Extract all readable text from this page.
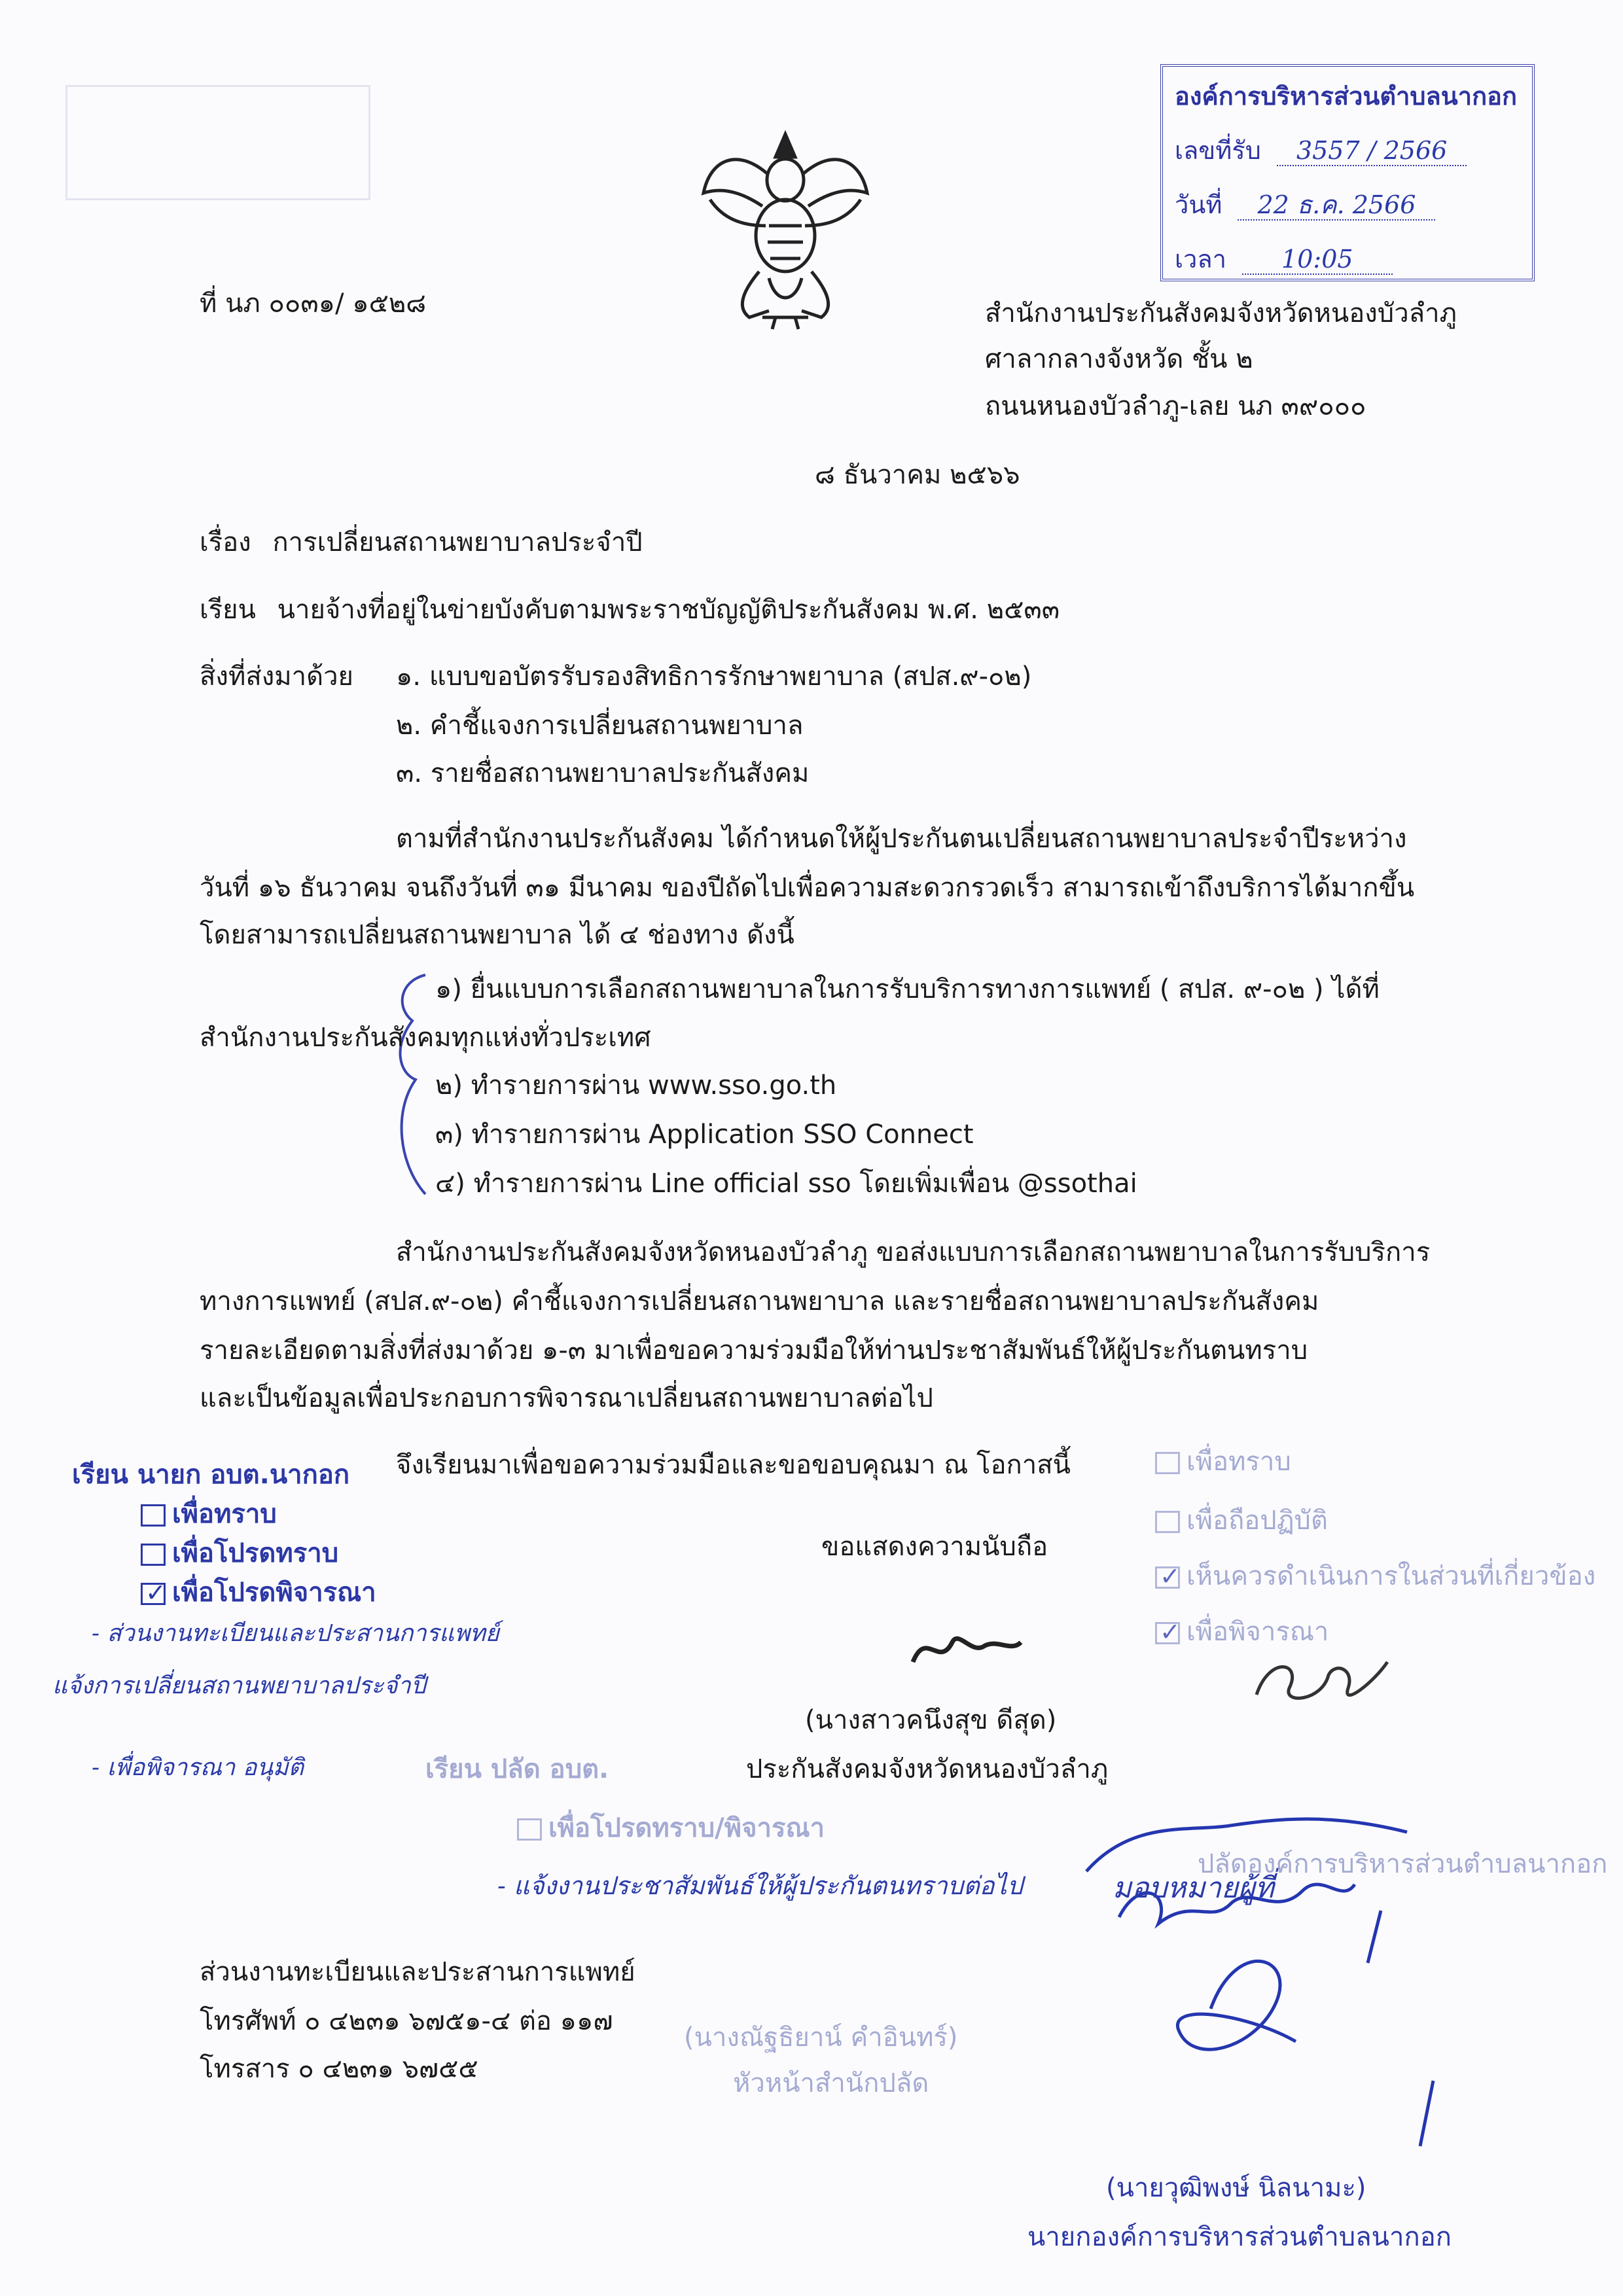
องค์การบริหารส่วนตำบลนากอก
เลขที่รับ 3557 / 2566
วันที่ 22 ธ.ค. 2566
เวลา 10:05
ที่ นภ ๐๐๓๑/ ๑๕๒๘	สำนักงานประกันสังคมจังหวัดหนองบัวลำภู
ศาลากลางจังหวัด ชั้น ๒
ถนนหนองบัวลำภู-เลย นภ ๓๙๐๐๐
๘ ธันวาคม ๒๕๖๖
เรื่อง การเปลี่ยนสถานพยาบาลประจำปี
เรียน นายจ้างที่อยู่ในข่ายบังคับตามพระราชบัญญัติประกันสังคม พ.ศ. ๒๕๓๓
สิ่งที่ส่งมาด้วย ๑. แบบขอบัตรรับรองสิทธิการรักษาพยาบาล (สปส.๙-๐๒)
๒. คำชี้แจงการเปลี่ยนสถานพยาบาล
๓. รายชื่อสถานพยาบาลประกันสังคม
ตามที่สำนักงานประกันสังคม ได้กำหนดให้ผู้ประกันตนเปลี่ยนสถานพยาบาลประจำปีระหว่าง
วันที่ ๑๖ ธันวาคม จนถึงวันที่ ๓๑ มีนาคม ของปีถัดไปเพื่อความสะดวกรวดเร็ว สามารถเข้าถึงบริการได้มากขึ้น
โดยสามารถเปลี่ยนสถานพยาบาล ได้ ๔ ช่องทาง ดังนี้
๑) ยื่นแบบการเลือกสถานพยาบาลในการรับบริการทางการแพทย์ ( สปส. ๙-๐๒ ) ได้ที่
สำนักงานประกันสังคมทุกแห่งทั่วประเทศ
๒) ทำรายการผ่าน www.sso.go.th
๓) ทำรายการผ่าน Application SSO Connect
๔) ทำรายการผ่าน Line official sso โดยเพิ่มเพื่อน @ssothai
สำนักงานประกันสังคมจังหวัดหนองบัวลำภู ขอส่งแบบการเลือกสถานพยาบาลในการรับบริการ
ทางการแพทย์ (สปส.๙-๐๒) คำชี้แจงการเปลี่ยนสถานพยาบาล และรายชื่อสถานพยาบาลประกันสังคม
รายละเอียดตามสิ่งที่ส่งมาด้วย ๑-๓ มาเพื่อขอความร่วมมือให้ท่านประชาสัมพันธ์ให้ผู้ประกันตนทราบ
และเป็นข้อมูลเพื่อประกอบการพิจารณาเปลี่ยนสถานพยาบาลต่อไป
จึงเรียนมาเพื่อขอความร่วมมือและขอขอบคุณมา ณ โอกาสนี้
ขอแสดงความนับถือ
(นางสาวคนึงสุข ดีสุด)
ประกันสังคมจังหวัดหนองบัวลำภู
ส่วนงานทะเบียนและประสานการแพทย์
โทรศัพท์ ๐ ๔๒๓๑ ๖๗๕๑-๔ ต่อ ๑๑๗
โทรสาร ๐ ๔๒๓๑ ๖๗๕๕
เรียน นายก อบต.นากอก
เพื่อทราบ
เพื่อโปรดทราบ
✓ เพื่อโปรดพิจารณา
- ส่วนงานทะเบียนและประสานการแพทย์
แจ้งการเปลี่ยนสถานพยาบาลประจำปี
- เพื่อพิจารณา อนุมัติ	เรียน ปลัด อบต.
เพื่อโปรดทราบ/พิจารณา
- แจ้งงานประชาสัมพันธ์ให้ผู้ประกันตนทราบต่อไป
(นางณัฐธิยาน์ คำอินทร์)
หัวหน้าสำนักปลัด
เพื่อทราบ
เพื่อถือปฏิบัติ
✓ เห็นควรดำเนินการในส่วนที่เกี่ยวข้อง
✓ เพื่อพิจารณา
ปลัดองค์การบริหารส่วนตำบลนากอก
มอบหมายผู้ที่
(นายวุฒิพงษ์ นิลนามะ)
นายกองค์การบริหารส่วนตำบลนากอก
